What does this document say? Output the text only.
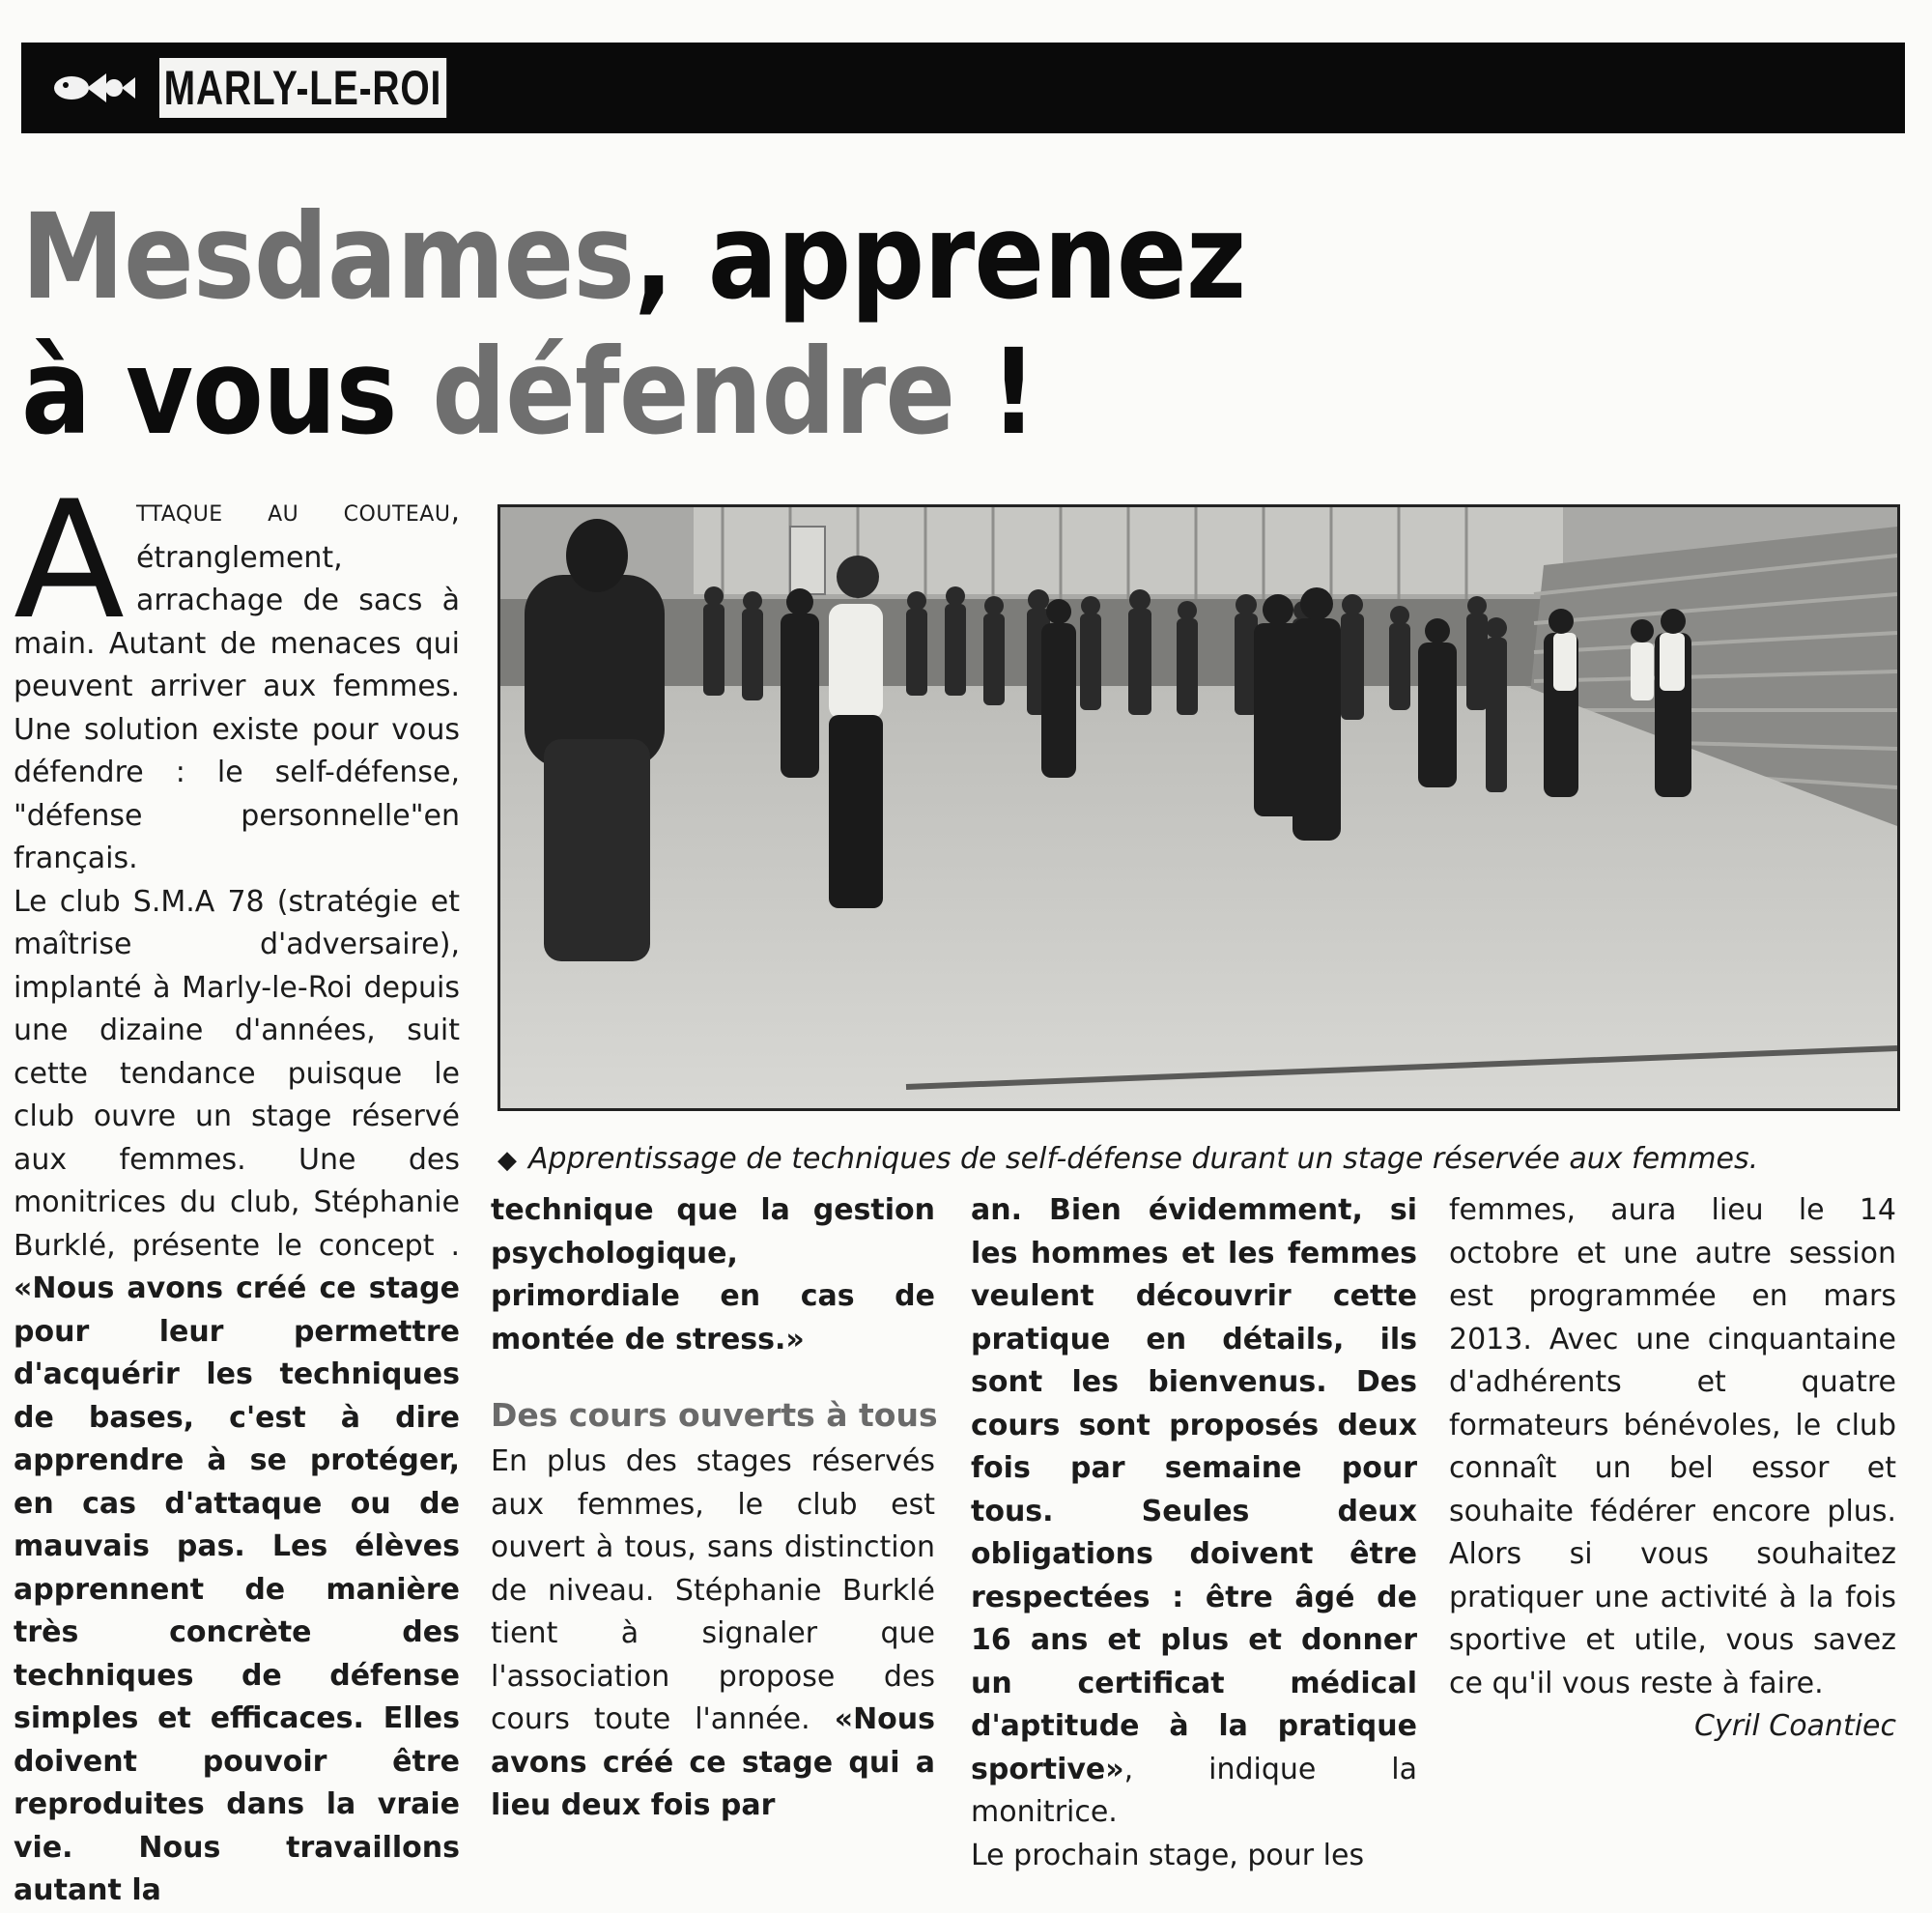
MARLY-LE-ROI
Mesdames, apprenez
à vous défendre !
◆ Apprentissage de techniques de self-défense durant un stage réservée aux femmes.
A TTAQUE AU COUTEAU, étranglement, arrachage de sacs à main. Autant de menaces qui peuvent arriver aux femmes. Une solution existe pour vous défendre : le self-défense, "défense personnelle"en français.

Le club S.M.A 78 (stratégie et maîtrise d'adversaire), implanté à Marly-le-Roi depuis une dizaine d'années, suit cette tendance puisque le club ouvre un stage réservé aux femmes. Une des monitrices du club, Stéphanie Burklé, présente le concept . «Nous avons créé ce stage pour leur permettre d'acquérir les techniques de bases, c'est à dire apprendre à se protéger, en cas d'attaque ou de mauvais pas. Les élèves apprennent de manière très concrète des techniques de défense simples et efficaces. Elles doivent pouvoir être reproduites dans la vraie vie. Nous travaillons autant la

technique que la gestion psychologique, primordiale en cas de montée de stress.»

Des cours ouverts à tous

En plus des stages réservés aux femmes, le club est ouvert à tous, sans distinction de niveau. Stéphanie Burklé tient à signaler que l'association propose des cours toute l'année. «Nous avons créé ce stage qui a lieu deux fois par

an. Bien évidemment, si les hommes et les femmes veulent découvrir cette pratique en détails, ils sont les bienvenus. Des cours sont proposés deux fois par semaine pour tous. Seules deux obligations doivent être respectées : être âgé de 16 ans et plus et donner un certificat médical d'aptitude à la pratique sportive», indique la monitrice.

Le prochain stage, pour les

femmes, aura lieu le 14 octobre et une autre session est programmée en mars 2013. Avec une cinquantaine d'adhérents et quatre formateurs bénévoles, le club connaît un bel essor et souhaite fédérer encore plus. Alors si vous souhaitez pratiquer une activité à la fois sportive et utile, vous savez ce qu'il vous reste à faire.
Cyril Coantiec
